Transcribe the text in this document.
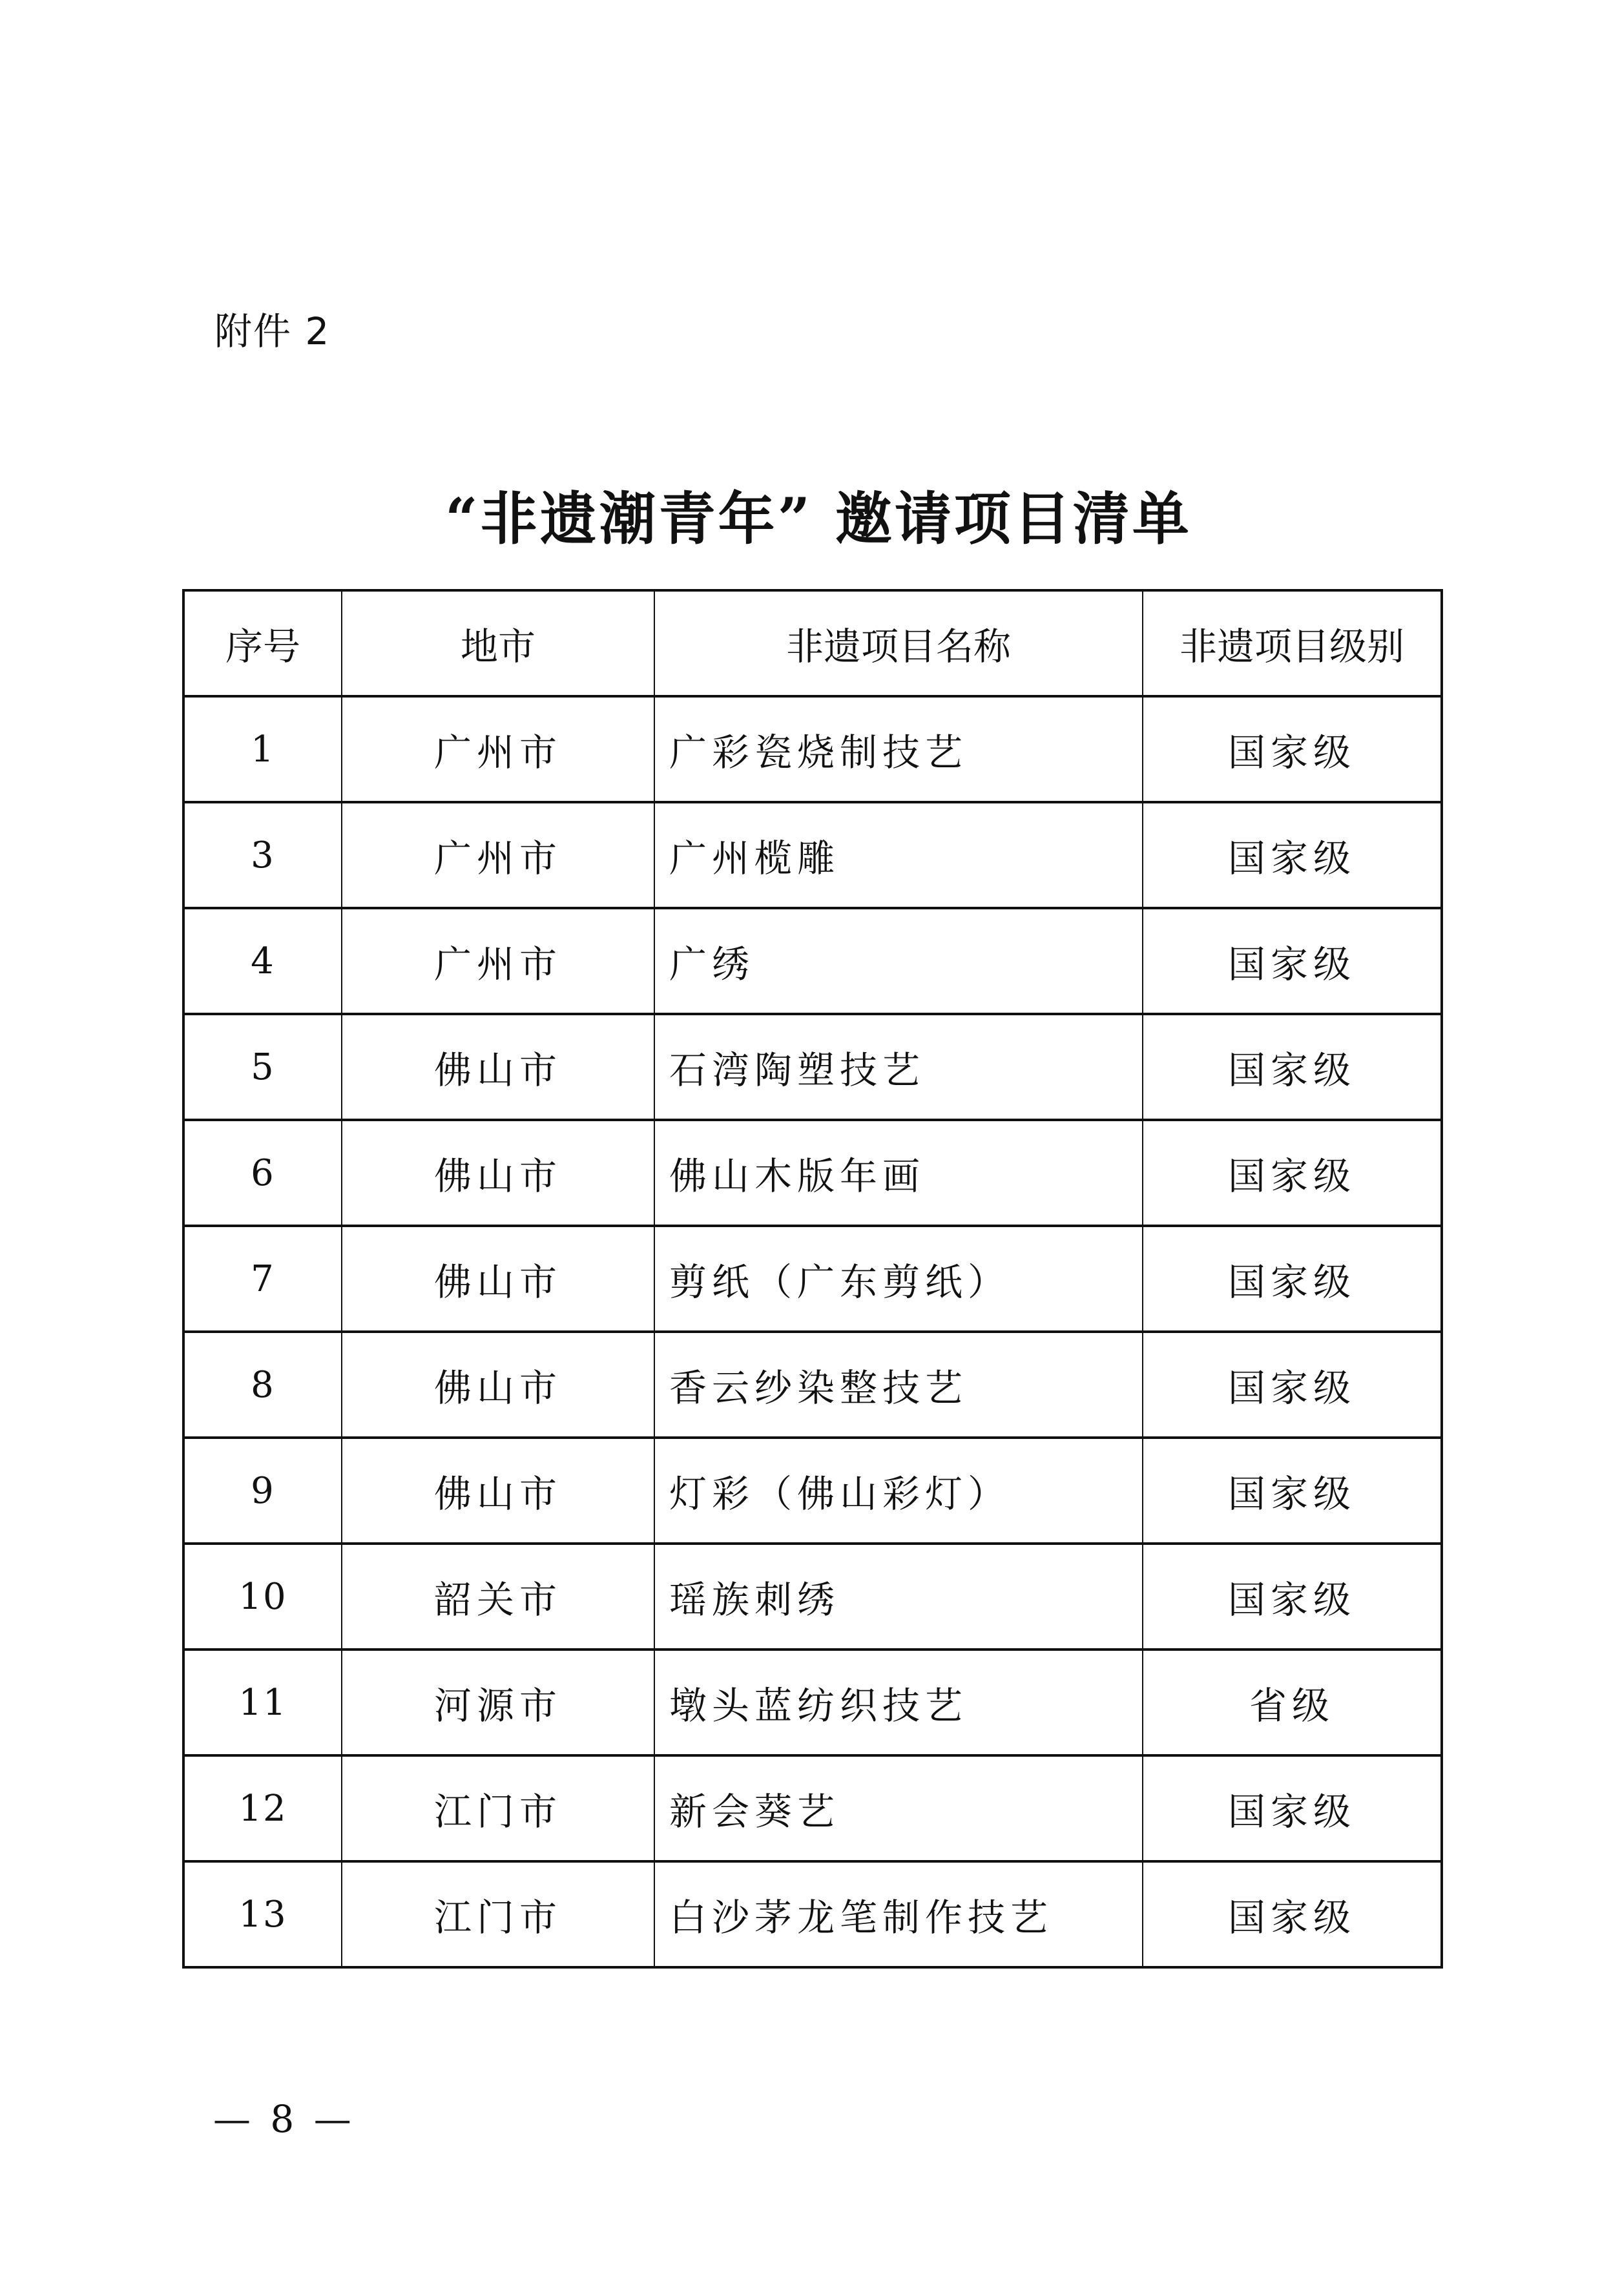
附件 2
“非遗潮青年” 邀请项目清单
序号	地市	非遗项目名称	非遗项目级别
1	广州市	广彩瓷烧制技艺	国家级
3	广州市	广州榄雕	国家级
4	广州市	广绣	国家级
5	佛山市	石湾陶塑技艺	国家级
6	佛山市	佛山木版年画	国家级
7	佛山市	剪纸（广东剪纸）	国家级
8	佛山市	香云纱染整技艺	国家级
9	佛山市	灯彩（佛山彩灯）	国家级
10	韶关市	瑶族刺绣	国家级
11	河源市	墩头蓝纺织技艺	省级
12	江门市	新会葵艺	国家级
13	江门市	白沙茅龙笔制作技艺	国家级
— 8 —
